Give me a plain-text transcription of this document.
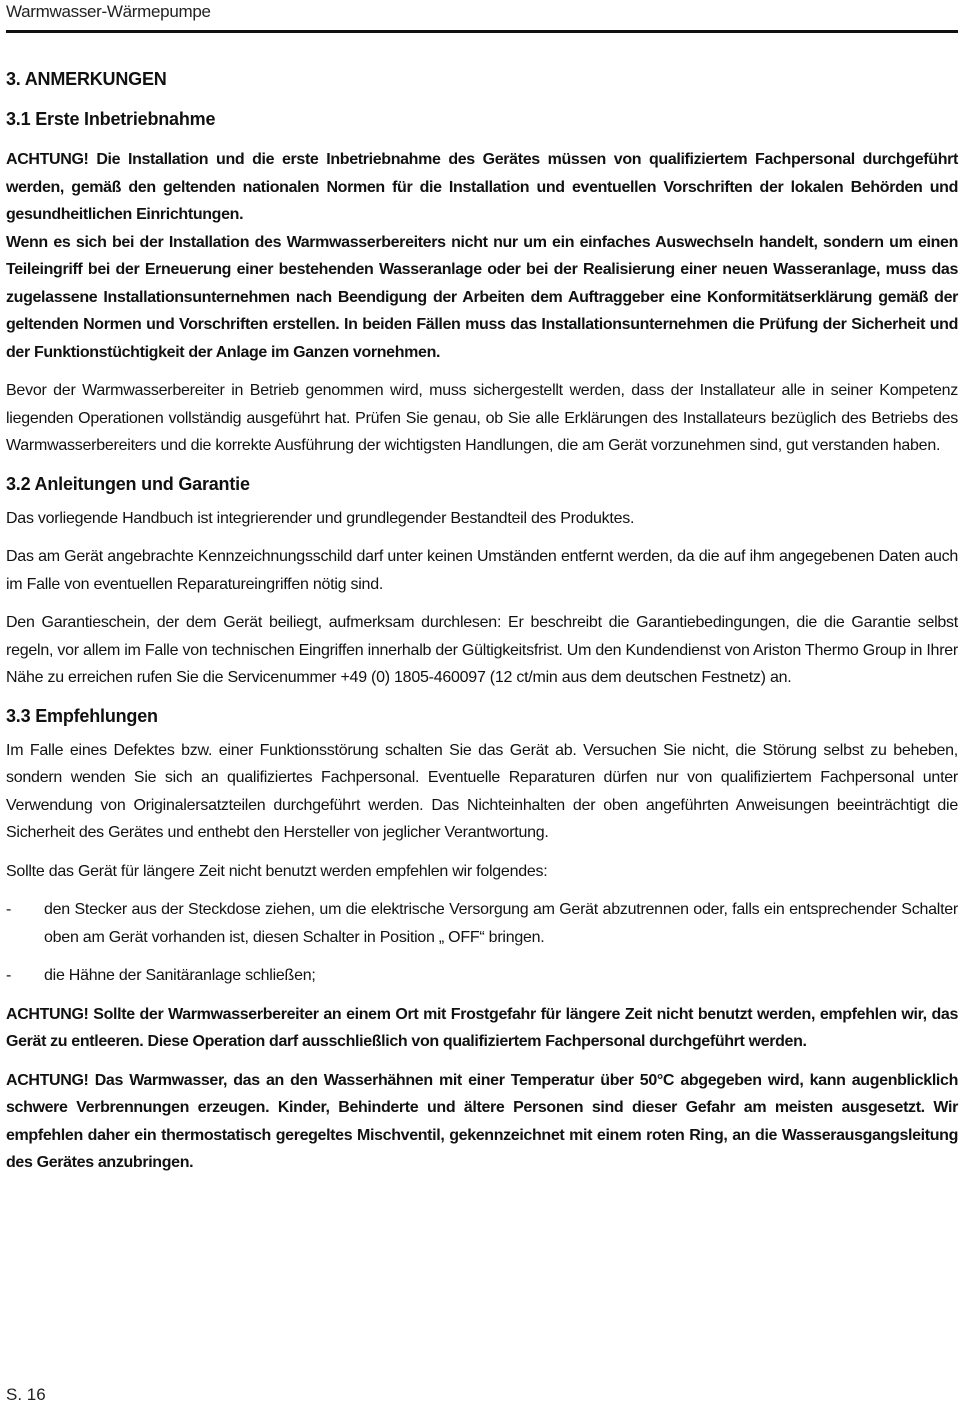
Warmwasser-Wärmepumpe
3. ANMERKUNGEN
3.1 Erste Inbetriebnahme

ACHTUNG! Die Installation und die erste Inbetriebnahme des Gerätes müssen von qualifiziertem Fachpersonal durchgeführt werden, gemäß den geltenden nationalen Normen für die Installation und eventuellen Vorschriften der lokalen Behörden und gesundheitlichen Einrichtungen.

Wenn es sich bei der Installation des Warmwasserbereiters nicht nur um ein einfaches Auswechseln handelt, sondern um einen Teileingriff bei der Erneuerung einer bestehenden Wasseranlage oder bei der Realisierung einer neuen Wasseranlage, muss das zugelassene Installationsunternehmen nach Beendigung der Arbeiten dem Auftraggeber eine Konformitätserklärung gemäß der geltenden Normen und Vorschriften erstellen. In beiden Fällen muss das Installationsunternehmen die Prüfung der Sicherheit und der Funktionstüchtigkeit der Anlage im Ganzen vornehmen.

Bevor der Warmwasserbereiter in Betrieb genommen wird, muss sichergestellt werden, dass der Installateur alle in seiner Kompetenz liegenden Operationen vollständig ausgeführt hat. Prüfen Sie genau, ob Sie alle Erklärungen des Installateurs bezüglich des Betriebs des Warmwasserbereiters und die korrekte Ausführung der wichtigsten Handlungen, die am Gerät vorzunehmen sind, gut verstanden haben.

3.2 Anleitungen und Garantie

Das vorliegende Handbuch ist integrierender und grundlegender Bestandteil des Produktes.

Das am Gerät angebrachte Kennzeichnungsschild darf unter keinen Umständen entfernt werden, da die auf ihm angegebenen Daten auch im Falle von eventuellen Reparatureingriffen nötig sind.

Den Garantieschein, der dem Gerät beiliegt, aufmerksam durchlesen: Er beschreibt die Garantiebedingungen, die die Garantie selbst regeln, vor allem im Falle von technischen Eingriffen innerhalb der Gültigkeitsfrist. Um den Kundendienst von Ariston Thermo Group in Ihrer Nähe zu erreichen rufen Sie die Servicenummer +49 (0) 1805-460097 (12 ct/min aus dem deutschen Festnetz) an.

3.3 Empfehlungen

Im Falle eines Defektes bzw. einer Funktionsstörung schalten Sie das Gerät ab. Versuchen Sie nicht, die Störung selbst zu beheben, sondern wenden Sie sich an qualifiziertes Fachpersonal. Eventuelle Reparaturen dürfen nur von qualifiziertem Fachpersonal unter Verwendung von Originalersatzteilen durchgeführt werden. Das Nichteinhalten der oben angeführten Anweisungen beeinträchtigt die Sicherheit des Gerätes und enthebt den Hersteller von jeglicher Verantwortung.

Sollte das Gerät für längere Zeit nicht benutzt werden empfehlen wir folgendes:

-	den Stecker aus der Steckdose ziehen, um die elektrische Versorgung am Gerät abzutrennen oder, falls ein entsprechender Schalter oben am Gerät vorhanden ist, diesen Schalter in Position „ OFF“ bringen.
-	die Hähne der Sanitäranlage schließen;

ACHTUNG! Sollte der Warmwasserbereiter an einem Ort mit Frostgefahr für längere Zeit nicht benutzt werden, empfehlen wir, das Gerät zu entleeren. Diese Operation darf ausschließlich von qualifiziertem Fachpersonal durchgeführt werden.

ACHTUNG! Das Warmwasser, das an den Wasserhähnen mit einer Temperatur über 50°C abgegeben wird, kann augenblicklich schwere Verbrennungen erzeugen. Kinder, Behinderte und ältere Personen sind dieser Gefahr am meisten ausgesetzt. Wir empfehlen daher ein thermostatisch geregeltes Mischventil, gekennzeichnet mit einem roten Ring, an die Wasserausgangsleitung des Gerätes anzubringen.

S. 16
